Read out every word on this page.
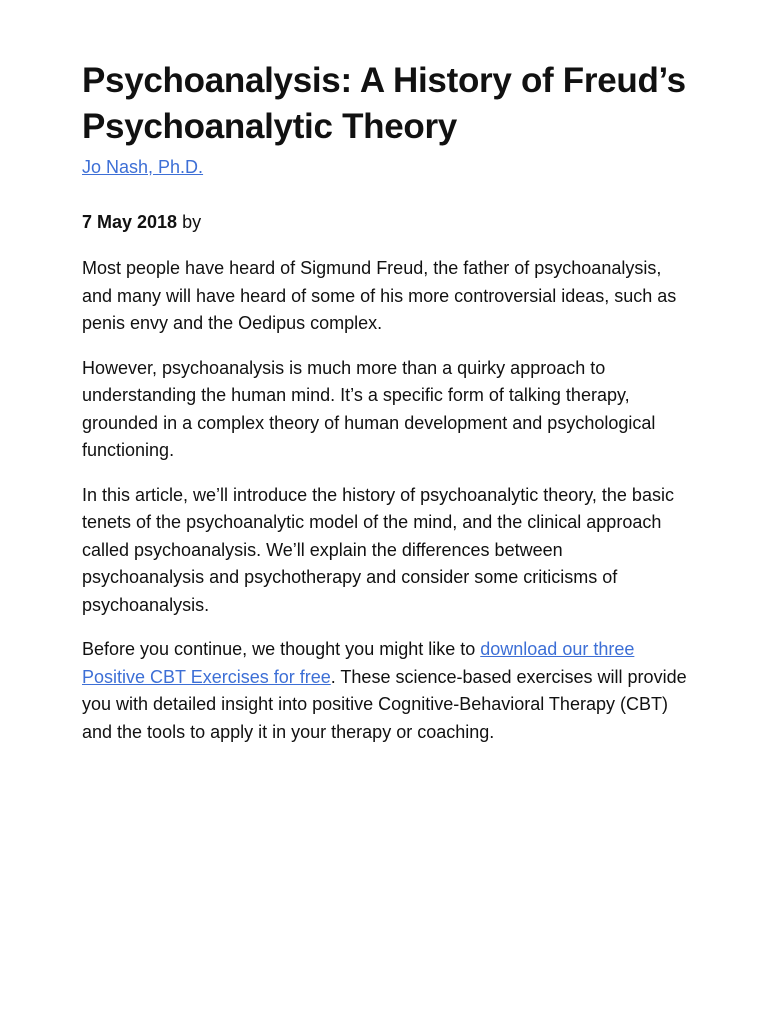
Psychoanalysis: A History of Freud’s Psychoanalytic Theory
Jo Nash, Ph.D.
7 May 2018 by

Most people have heard of Sigmund Freud, the father of psychoanalysis, and many will have heard of some of his more controversial ideas, such as penis envy and the Oedipus complex.

However, psychoanalysis is much more than a quirky approach to understanding the human mind. It’s a specific form of talking therapy, grounded in a complex theory of human development and psychological functioning.

In this article, we’ll introduce the history of psychoanalytic theory, the basic tenets of the psychoanalytic model of the mind, and the clinical approach called psychoanalysis. We’ll explain the differences between psychoanalysis and psychotherapy and consider some criticisms of psychoanalysis.

Before you continue, we thought you might like to download our three Positive CBT Exercises for free. These science-based exercises will provide you with detailed insight into positive Cognitive-Behavioral Therapy (CBT) and the tools to apply it in your therapy or coaching.
